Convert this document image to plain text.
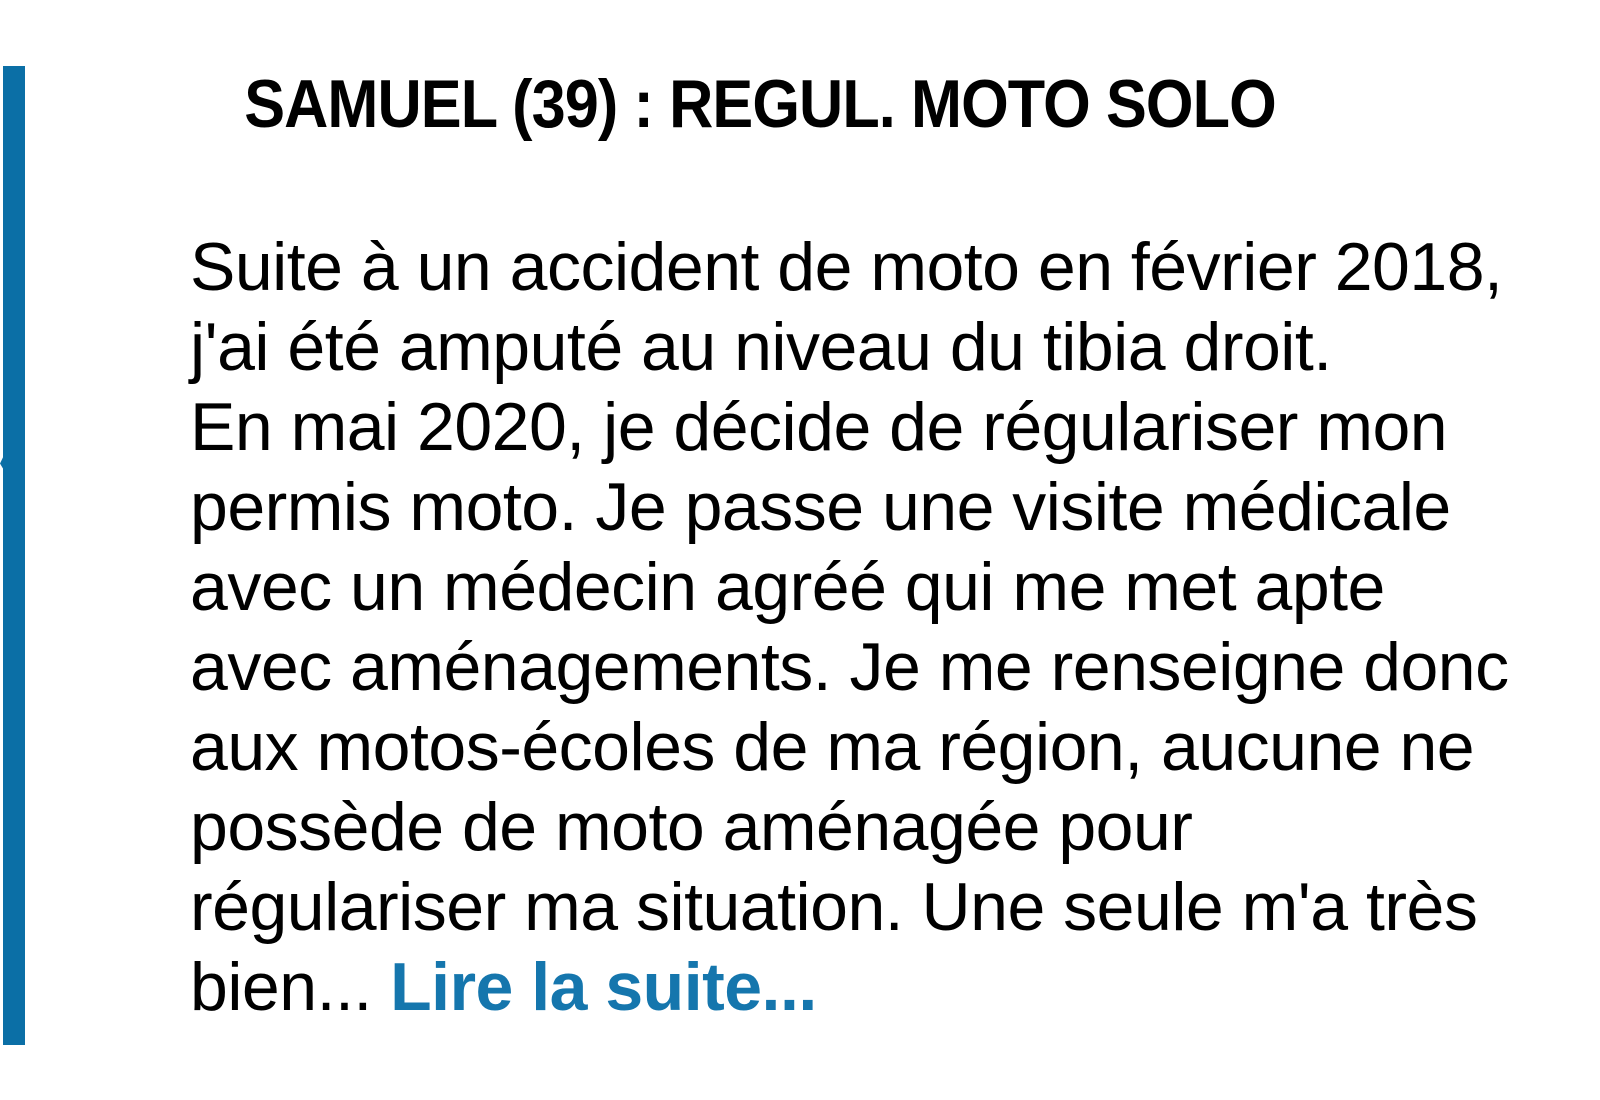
SAMUEL (39) : REGUL. MOTO SOLO
Suite à un accident de moto en février 2018,
j'ai été amputé au niveau du tibia droit.
En mai 2020, je décide de régulariser mon
permis moto. Je passe une visite médicale
avec un médecin agréé qui me met apte
avec aménagements. Je me renseigne donc
aux motos-écoles de ma région, aucune ne
possède de moto aménagée pour
régulariser ma situation. Une seule m'a très
bien... Lire la suite...
